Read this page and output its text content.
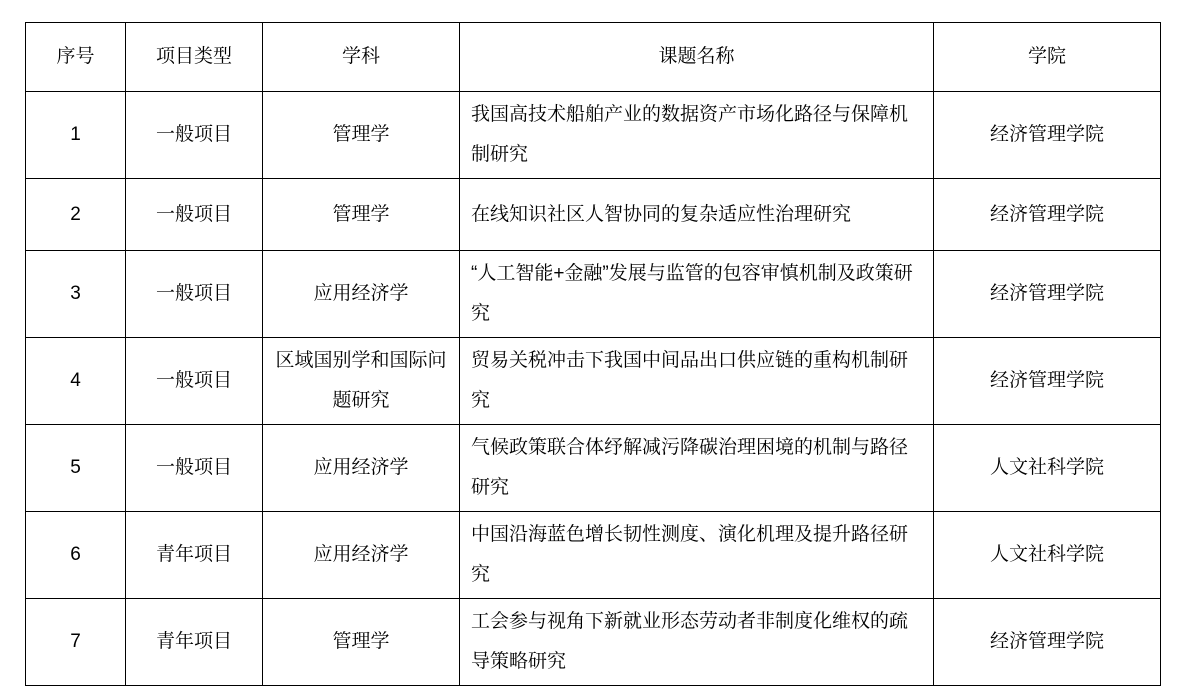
序号	项目类型	学科	课题名称	学院
1	一般项目	管理学	我国高技术船舶产业的数据资产市场化路径与保障机制研究	经济管理学院
2	一般项目	管理学	在线知识社区人智协同的复杂适应性治理研究	经济管理学院
3	一般项目	应用经济学	“人工智能+金融”发展与监管的包容审慎机制及政策研究	经济管理学院
4	一般项目	区域国别学和国际问题研究	贸易关税冲击下我国中间品出口供应链的重构机制研究	经济管理学院
5	一般项目	应用经济学	气候政策联合体纾解减污降碳治理困境的机制与路径研究	人文社科学院
6	青年项目	应用经济学	中国沿海蓝色增长韧性测度、演化机理及提升路径研究	人文社科学院
7	青年项目	管理学	工会参与视角下新就业形态劳动者非制度化维权的疏导策略研究	经济管理学院
